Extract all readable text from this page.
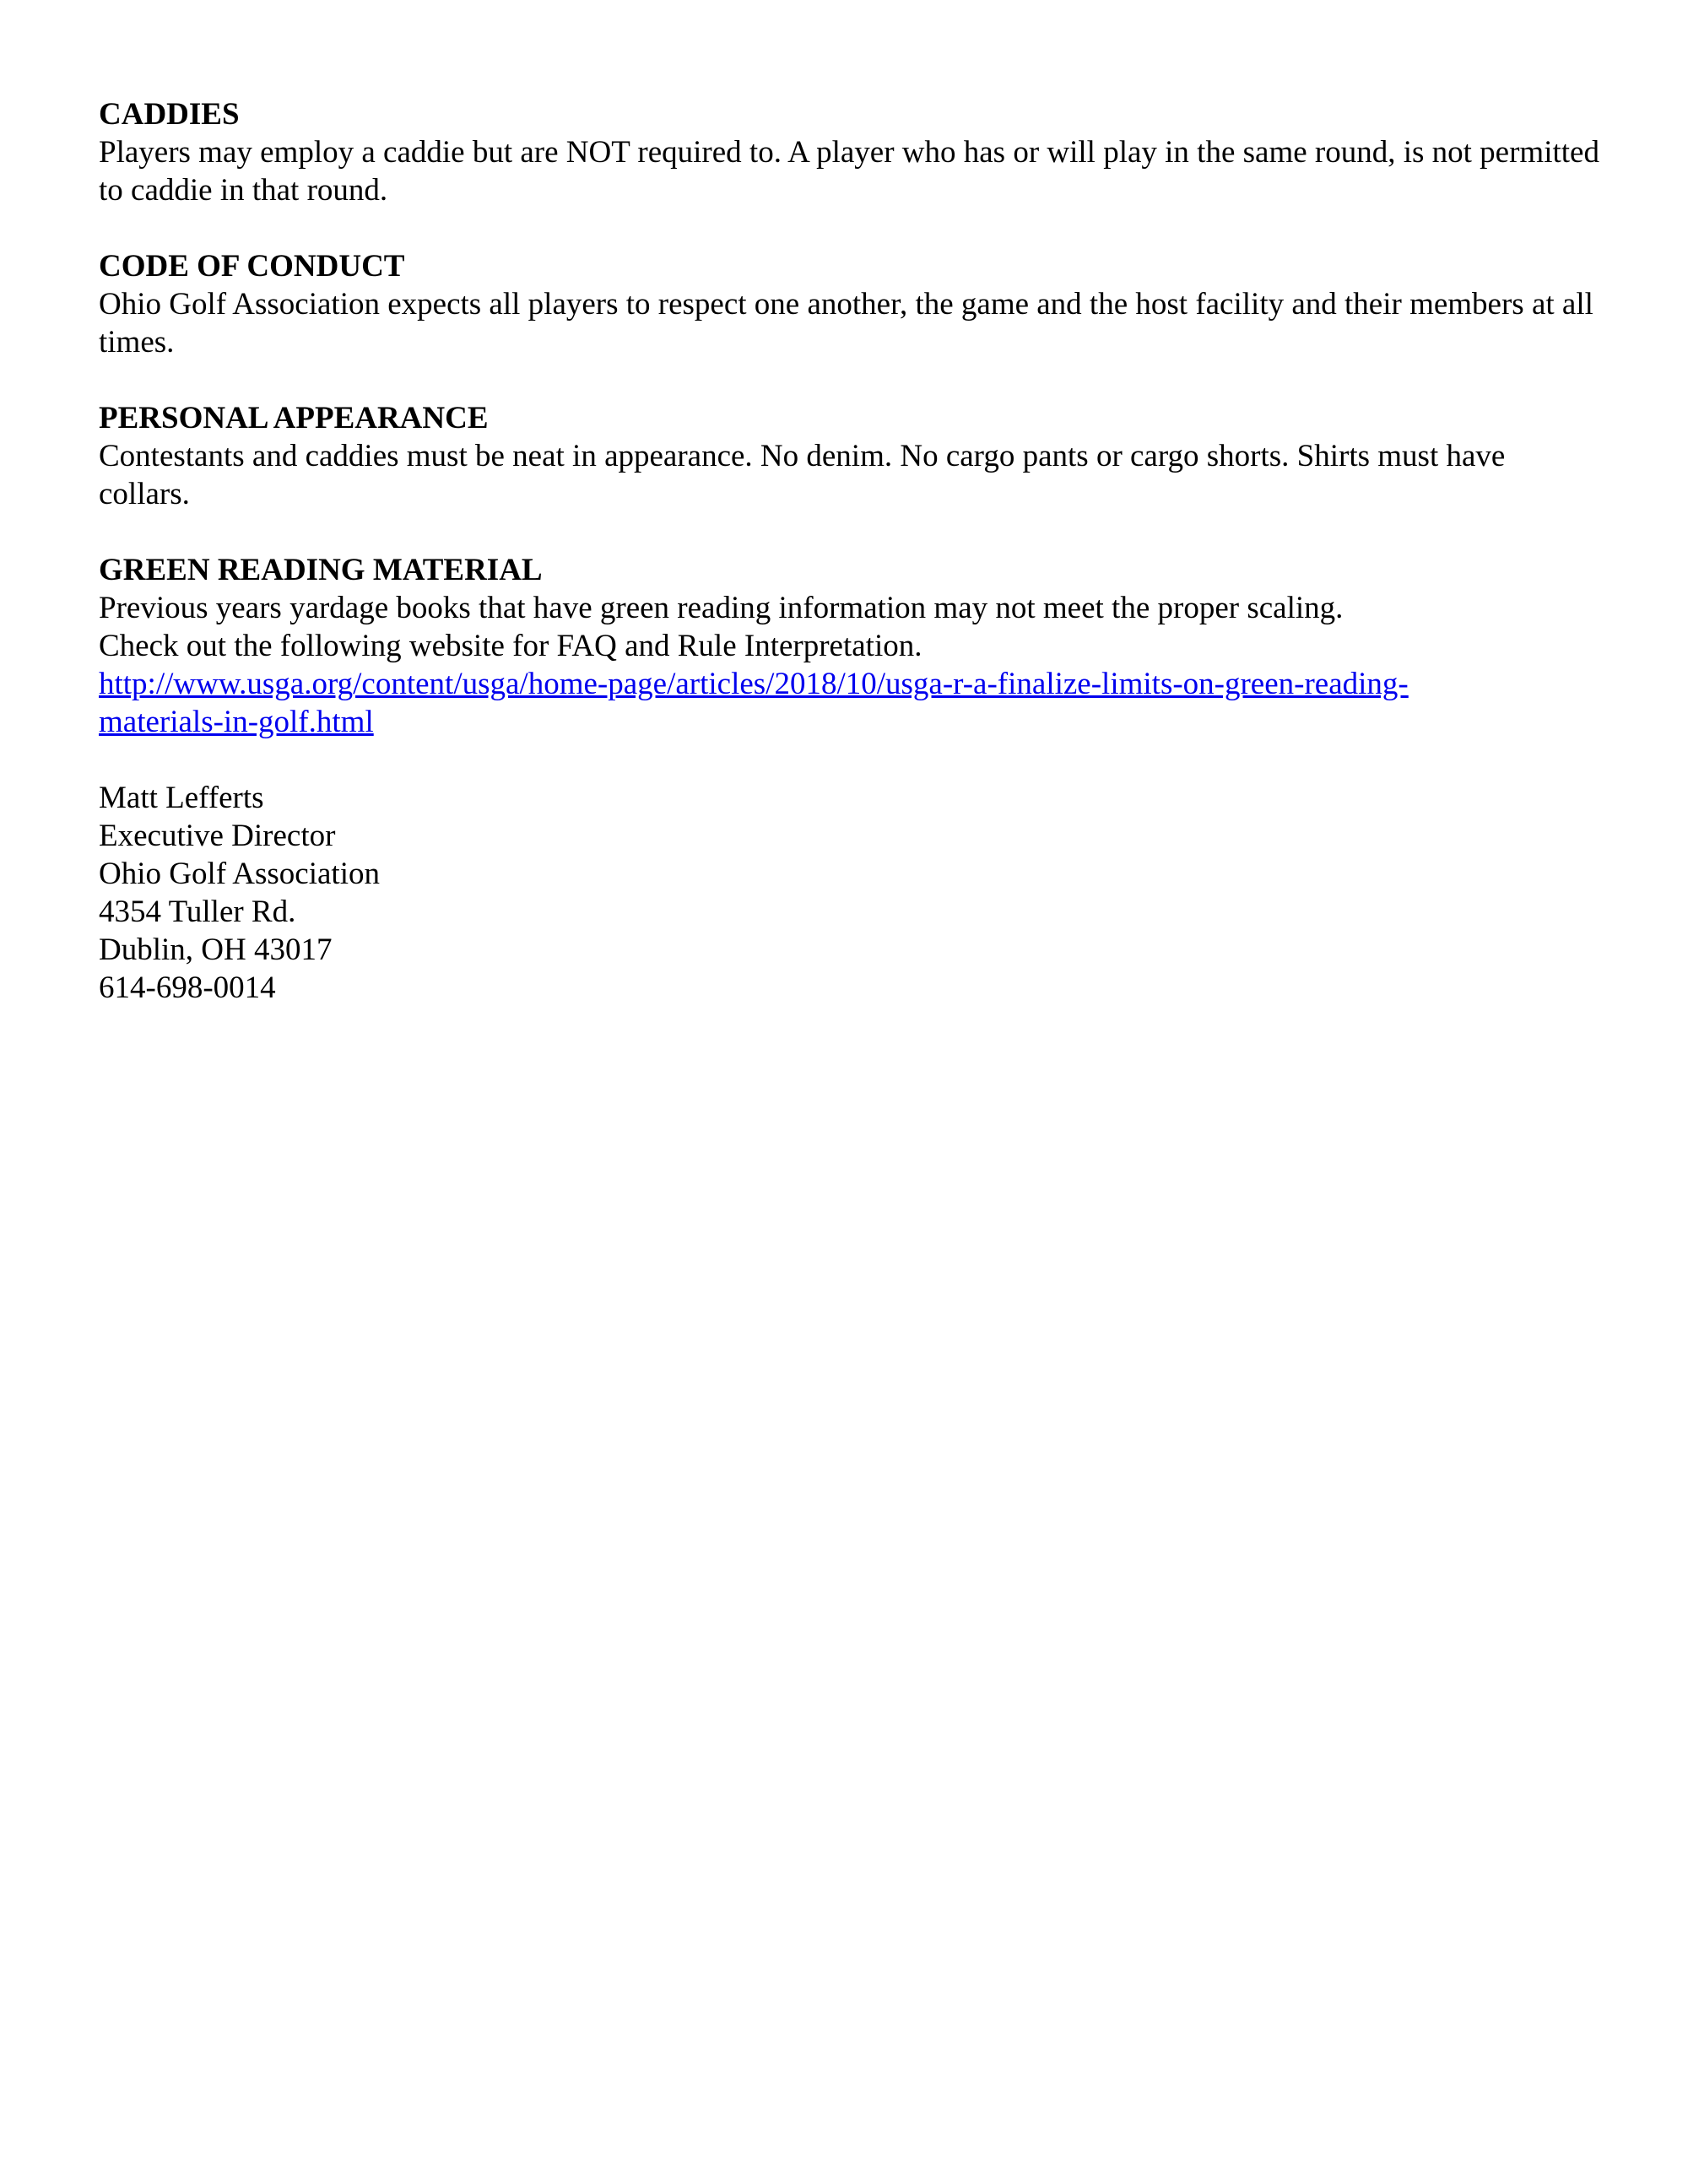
CADDIES
Players may employ a caddie but are NOT required to. A player who has or will play in the same round, is not permitted to caddie in that round.
CODE OF CONDUCT
Ohio Golf Association expects all players to respect one another, the game and the host facility and their members at all times.
PERSONAL APPEARANCE
Contestants and caddies must be neat in appearance. No denim. No cargo pants or cargo shorts. Shirts must have collars.
GREEN READING MATERIAL
Previous years yardage books that have green reading information may not meet the proper scaling.
Check out the following website for FAQ and Rule Interpretation.
http://www.usga.org/content/usga/home-page/articles/2018/10/usga-r-a-finalize-limits-on-green-reading-
materials-in-golf.html
Matt Lefferts
Executive Director
Ohio Golf Association
4354 Tuller Rd.
Dublin, OH 43017
614-698-0014
